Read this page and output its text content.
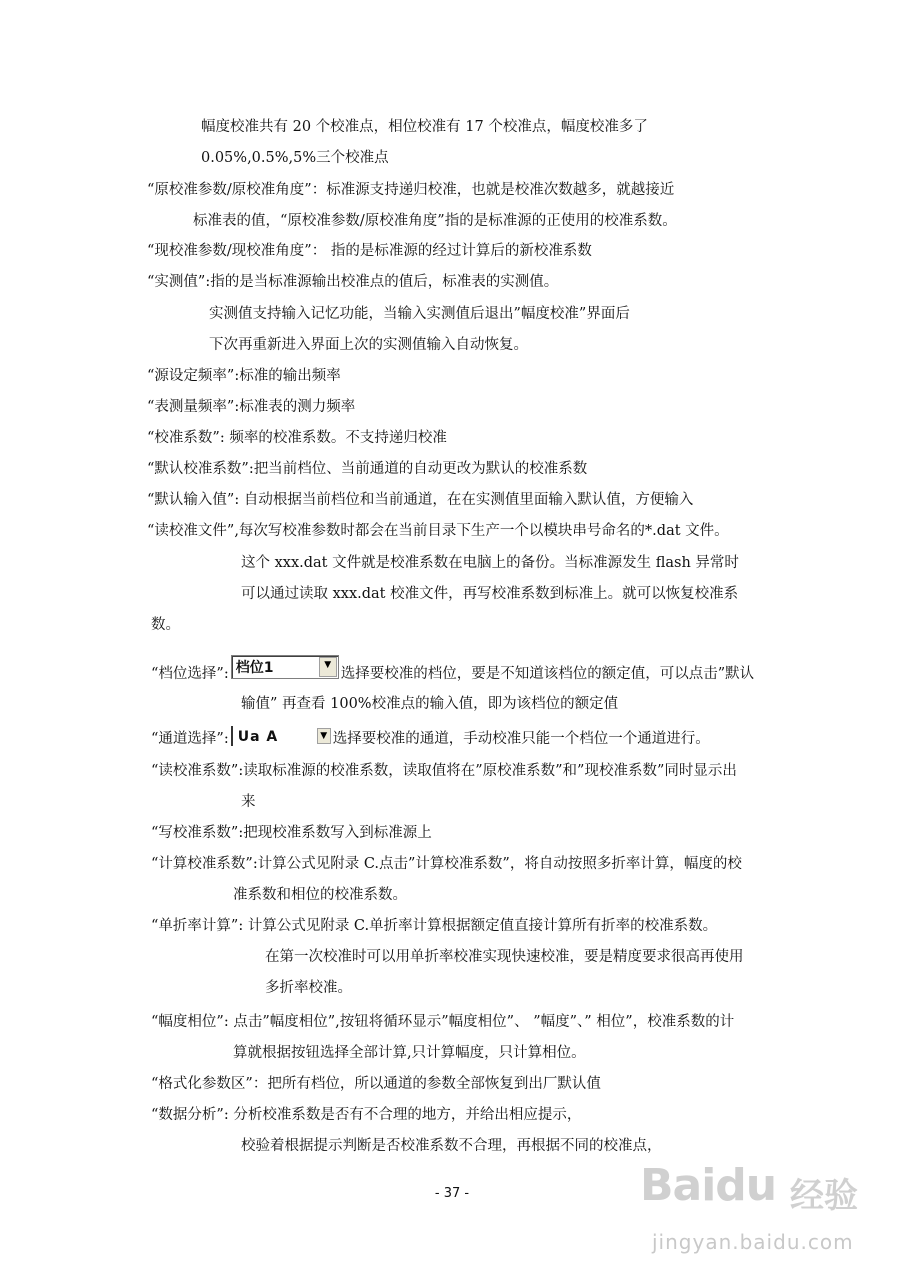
幅度校准共有 20 个校准点，相位校准有 17 个校准点，幅度校准多了
0.05%,0.5%,5%三个校准点
“原校准参数/原校准角度”：标准源支持递归校准，也就是校准次数越多，就越接近
标准表的值，“原校准参数/原校准角度”指的是标准源的正使用的校准系数。
“现校准参数/现校准角度”： 指的是标准源的经过计算后的新校准系数
“实测值”:指的是当标准源输出校准点的值后，标准表的实测值。
实测值支持输入记忆功能，当输入实测值后退出”幅度校准”界面后
下次再重新进入界面上次的实测值输入自动恢复。
“源设定频率”:标准的输出频率
“表测量频率”:标准表的测力频率
“校准系数”: 频率的校准系数。不支持递归校准
“默认校准系数”:把当前档位、当前通道的自动更改为默认的校准系数
“默认输入值”: 自动根据当前档位和当前通道，在在实测值里面输入默认值，方便输入
“读校准文件”,每次写校准参数时都会在当前目录下生产一个以模块串号命名的*.dat 文件。
这个 xxx.dat 文件就是校准系数在电脑上的备份。当标准源发生 flash 异常时
可以通过读取 xxx.dat 校准文件，再写校准系数到标准上。就可以恢复校准系
数。
“档位选择”: 档位1	▼
选择要校准的档位，要是不知道该档位的额定值，可以点击”默认
输值” 再查看 100%校准点的输入值，即为该档位的额定值
“通道选择”: Ua A	▼ 选择要校准的通道，手动校准只能一个档位一个通道进行。
“读校准系数”:读取标准源的校准系数，读取值将在”原校准系数”和”现校准系数”同时显示出
来
“写校准系数”:把现校准系数写入到标准源上
“计算校准系数”:计算公式见附录 C.点击”计算校准系数”，将自动按照多折率计算，幅度的校
准系数和相位的校准系数。
“单折率计算”: 计算公式见附录 C.单折率计算根据额定值直接计算所有折率的校准系数。
在第一次校准时可以用单折率校准实现快速校准，要是精度要求很高再使用
多折率校准。
“幅度相位”: 点击”幅度相位”,按钮将循环显示”幅度相位”、 ”幅度”、” 相位”，校准系数的计
算就根据按钮选择全部计算,只计算幅度，只计算相位。
“格式化参数区”：把所有档位，所以通道的参数全部恢复到出厂默认值
“数据分析”: 分析校准系数是否有不合理的地方，并给出相应提示，
校验着根据提示判断是否校准系数不合理，再根据不同的校准点，
- 37 -	Baidu 经验
jingyan.baidu.com
